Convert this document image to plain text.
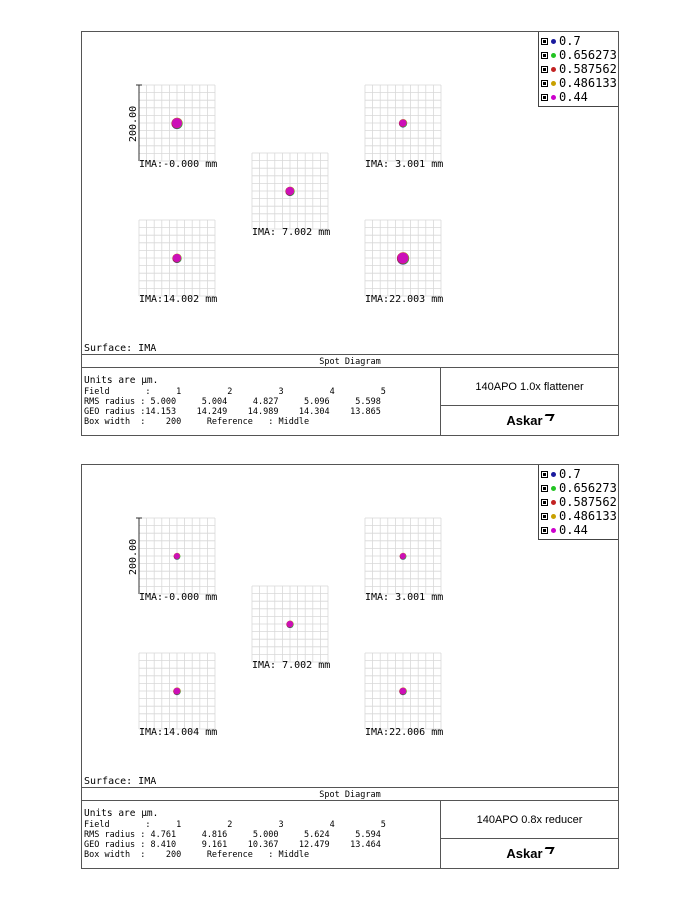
200.00
IMA:-0.000 mm	IMA: 3.001 mm
IMA: 7.002 mm
IMA:14.002 mm	IMA:22.003 mm
0.7
0.656273
0.587562
0.486133
0.44
Surface: IMA
Spot Diagram
Units are µm.
Field       :     1         2         3         4         5
RMS radius : 5.000     5.004     4.827     5.096     5.598
GEO radius :14.153    14.249    14.989    14.304    13.865
Box width  :    200     Reference   : Middle
140APO 1.0x flattener
Askar
200.00
IMA:-0.000 mm	IMA: 3.001 mm
IMA: 7.002 mm
IMA:14.004 mm	IMA:22.006 mm
0.7
0.656273
0.587562
0.486133
0.44
Surface: IMA
Spot Diagram
Units are µm.
Field       :     1         2         3         4         5
RMS radius : 4.761     4.816     5.000     5.624     5.594
GEO radius : 8.410     9.161    10.367    12.479    13.464
Box width  :    200     Reference   : Middle
140APO 0.8x reducer
Askar
